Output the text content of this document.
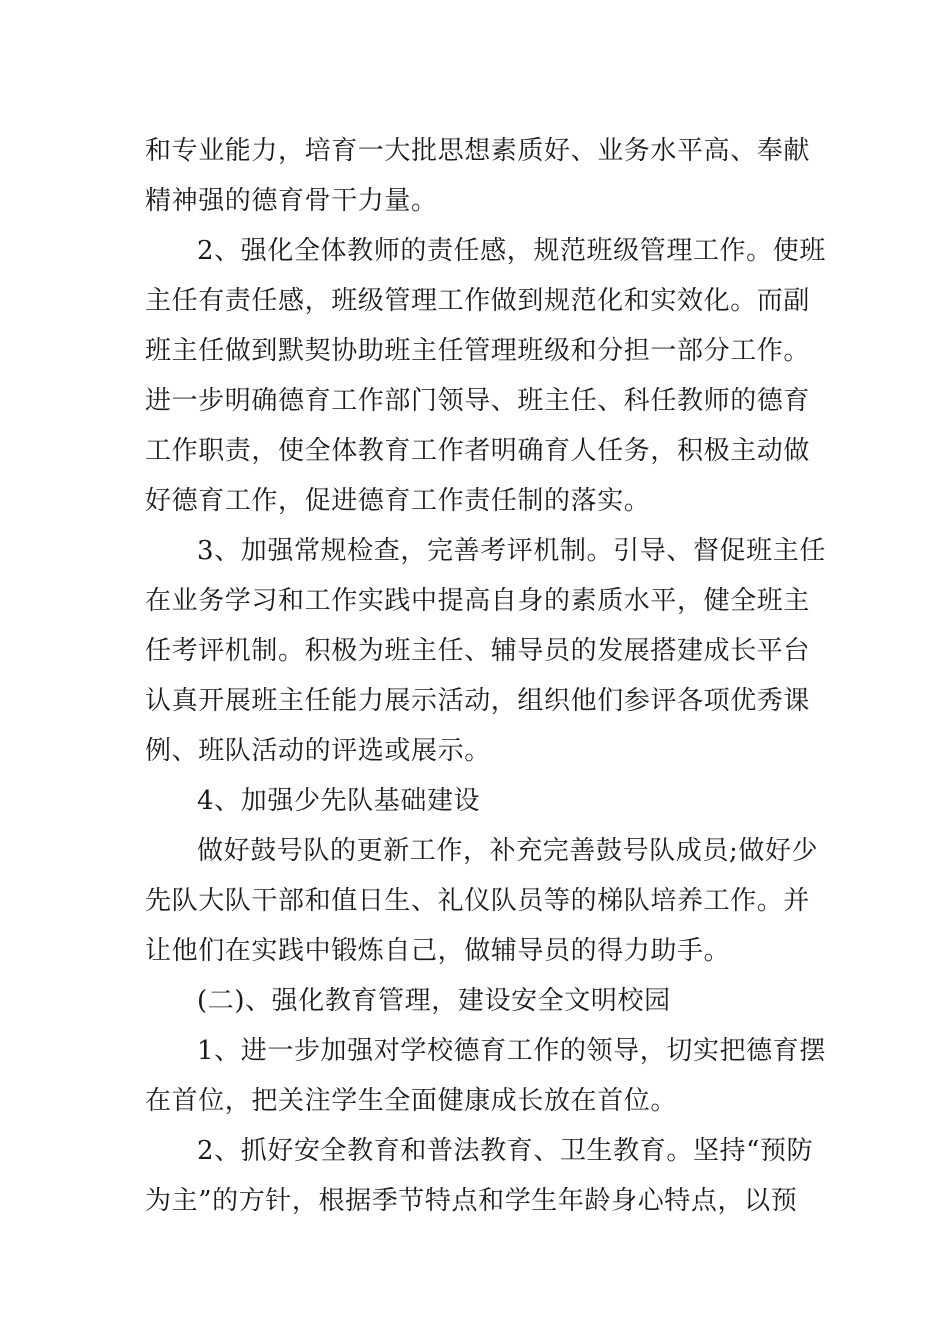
和专业能力，培育一大批思想素质好、业务水平高、奉献
精神强的德育骨干力量。
2、强化全体教师的责任感，规范班级管理工作。使班
主任有责任感，班级管理工作做到规范化和实效化。而副
班主任做到默契协助班主任管理班级和分担一部分工作。
进一步明确德育工作部门领导、班主任、科任教师的德育
工作职责，使全体教育工作者明确育人任务，积极主动做
好德育工作，促进德育工作责任制的落实。
3、加强常规检查，完善考评机制。引导、督促班主任
在业务学习和工作实践中提高自身的素质水平，健全班主
任考评机制。积极为班主任、辅导员的发展搭建成长平台
认真开展班主任能力展示活动，组织他们参评各项优秀课
例、班队活动的评选或展示。
4、加强少先队基础建设
做好鼓号队的更新工作，补充完善鼓号队成员;做好少
先队大队干部和值日生、礼仪队员等的梯队培养工作。并
让他们在实践中锻炼自己，做辅导员的得力助手。
(二)、强化教育管理，建设安全文明校园
1、进一步加强对学校德育工作的领导，切实把德育摆
在首位，把关注学生全面健康成长放在首位。
2、抓好安全教育和普法教育、卫生教育。坚持“预防
为主”的方针，根据季节特点和学生年龄身心特点，以预
